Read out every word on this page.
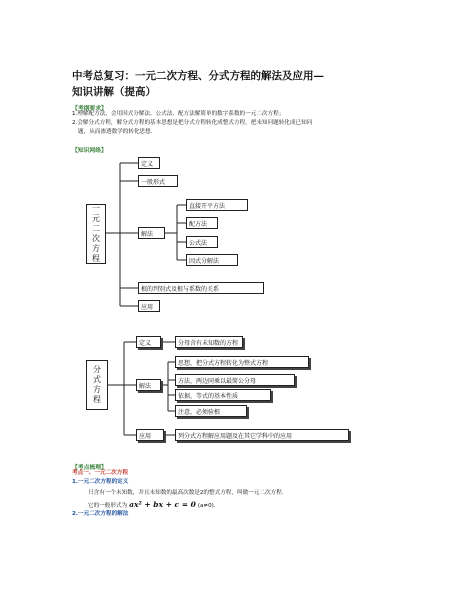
中考总复习：一元二次方程、分式方程的解法及应用—
知识讲解（提高）
【考纲要求】
1.理解配方法，会用因式分解法、公式法、配方法解简单的数字系数的一元二次方程；
2.会解分式方程，解分式方程的基本思想是把分式方程转化成整式方程，把未知问题转化成已知问
题，从而渗透数学的转化思想.
【知识网络】
一
元
二
次
方
程
定义
一般形式
解法
直接开平方法
配方法
公式法
因式分解法
根的判别式及根与系数的关系
应用
分
式
方
程
定义	分母含有未知数的方程
解法
思想，把分式方程转化为整式方程
方法，两边同乘以最简公分母
依据，等式的基本性质
注意，必须验根
应用	列分式方程解应用题及在其它学科中的应用
【考点梳理】
考点一、一元二次方程
1.一元二次方程的定义
只含有一个未知数，并且未知数的最高次数是2的整式方程，叫做一元二次方程.
它的一般形式为 ax² + bx + c = 0 (a≠0).
2.一元二次方程的解法
